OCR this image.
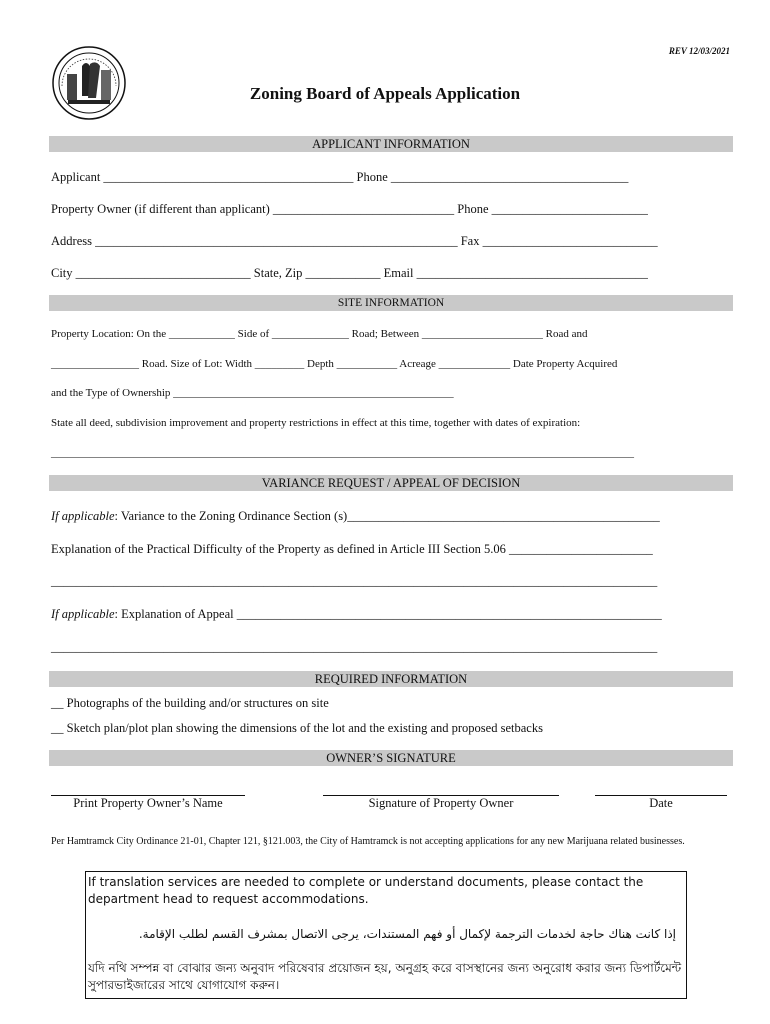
REV 12/03/2021
Zoning Board of Appeals Application
APPLICANT INFORMATION
Applicant ________________________________________ Phone ______________________________________
Property Owner (if different than applicant) _____________________________ Phone _________________________
Address __________________________________________________________ Fax ____________________________
City ____________________________ State, Zip ____________ Email _____________________________________
SITE INFORMATION
Property Location: On the ____________ Side of ______________ Road; Between ______________________ Road and
________________ Road. Size of Lot: Width _________ Depth ___________ Acreage _____________ Date Property Acquired
and the Type of Ownership ___________________________________________________
State all deed, subdivision improvement and property restrictions in effect at this time, together with dates of expiration:
__________________________________________________________________________________________________________
VARIANCE REQUEST / APPEAL OF DECISION
If applicable: Variance to the Zoning Ordinance Section (s)__________________________________________________
Explanation of the Practical Difficulty of the Property as defined in Article III Section 5.06 _______________________
_________________________________________________________________________________________________
If applicable: Explanation of Appeal ____________________________________________________________________
_________________________________________________________________________________________________
REQUIRED INFORMATION
__ Photographs of the building and/or structures on site
__ Sketch plan/plot plan showing the dimensions of the lot and the existing and proposed setbacks
OWNER’S SIGNATURE
Print Property Owner’s Name	Signature of Property Owner	Date
Per Hamtramck City Ordinance 21-01, Chapter 121, §121.003, the City of Hamtramck is not accepting applications for any new Marijuana related businesses.
If translation services are needed to complete or understand documents, please contact the department head to request accommodations.
إذا كانت هناك حاجة لخدمات الترجمة لإكمال أو فهم المستندات، يرجى الاتصال بمشرف القسم لطلب الإقامة.
যদি নথি সম্পন্ন বা বোঝার জন্য অনুবাদ পরিষেবার প্রয়োজন হয়, অনুগ্রহ করে বাসস্থানের জন্য অনুরোধ করার জন্য ডিপার্টমেন্ট সুপারভাইজারের সাথে যোগাযোগ করুন।
